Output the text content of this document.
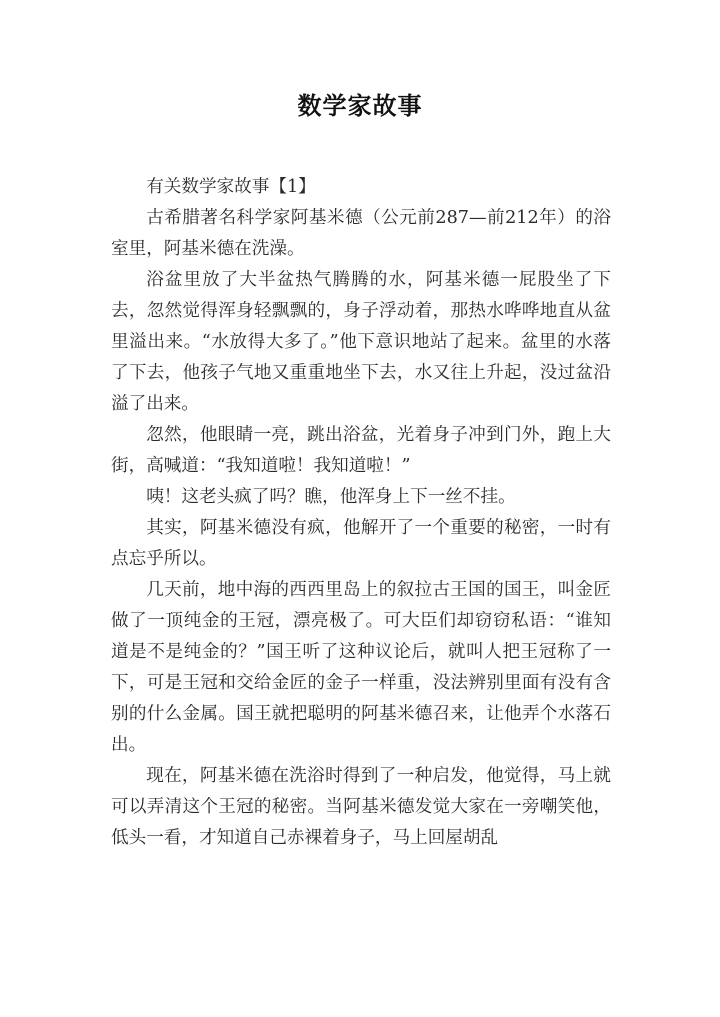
数学家故事

有关数学家故事【1】

古希腊著名科学家阿基米德（公元前287—前212年）的浴室里，阿基米德在洗澡。

浴盆里放了大半盆热气腾腾的水，阿基米德一屁股坐了下去，忽然觉得浑身轻飘飘的，身子浮动着，那热水哗哗地直从盆里溢出来。“水放得大多了。”他下意识地站了起来。盆里的水落了下去，他孩子气地又重重地坐下去，水又往上升起，没过盆沿溢了出来。

忽然，他眼睛一亮，跳出浴盆，光着身子冲到门外，跑上大街，高喊道：“我知道啦！我知道啦！”

咦！这老头疯了吗？瞧，他浑身上下一丝不挂。

其实，阿基米德没有疯，他解开了一个重要的秘密，一时有点忘乎所以。

几天前，地中海的西西里岛上的叙拉古王国的国王，叫金匠做了一顶纯金的王冠，漂亮极了。可大臣们却窃窃私语：“谁知道是不是纯金的？”国王听了这种议论后，就叫人把王冠称了一下，可是王冠和交给金匠的金子一样重，没法辨别里面有没有含别的什么金属。国王就把聪明的阿基米德召来，让他弄个水落石出。

现在，阿基米德在洗浴时得到了一种启发，他觉得，马上就可以弄清这个王冠的秘密。当阿基米德发觉大家在一旁嘲笑他，低头一看，才知道自己赤裸着身子，马上回屋胡乱
